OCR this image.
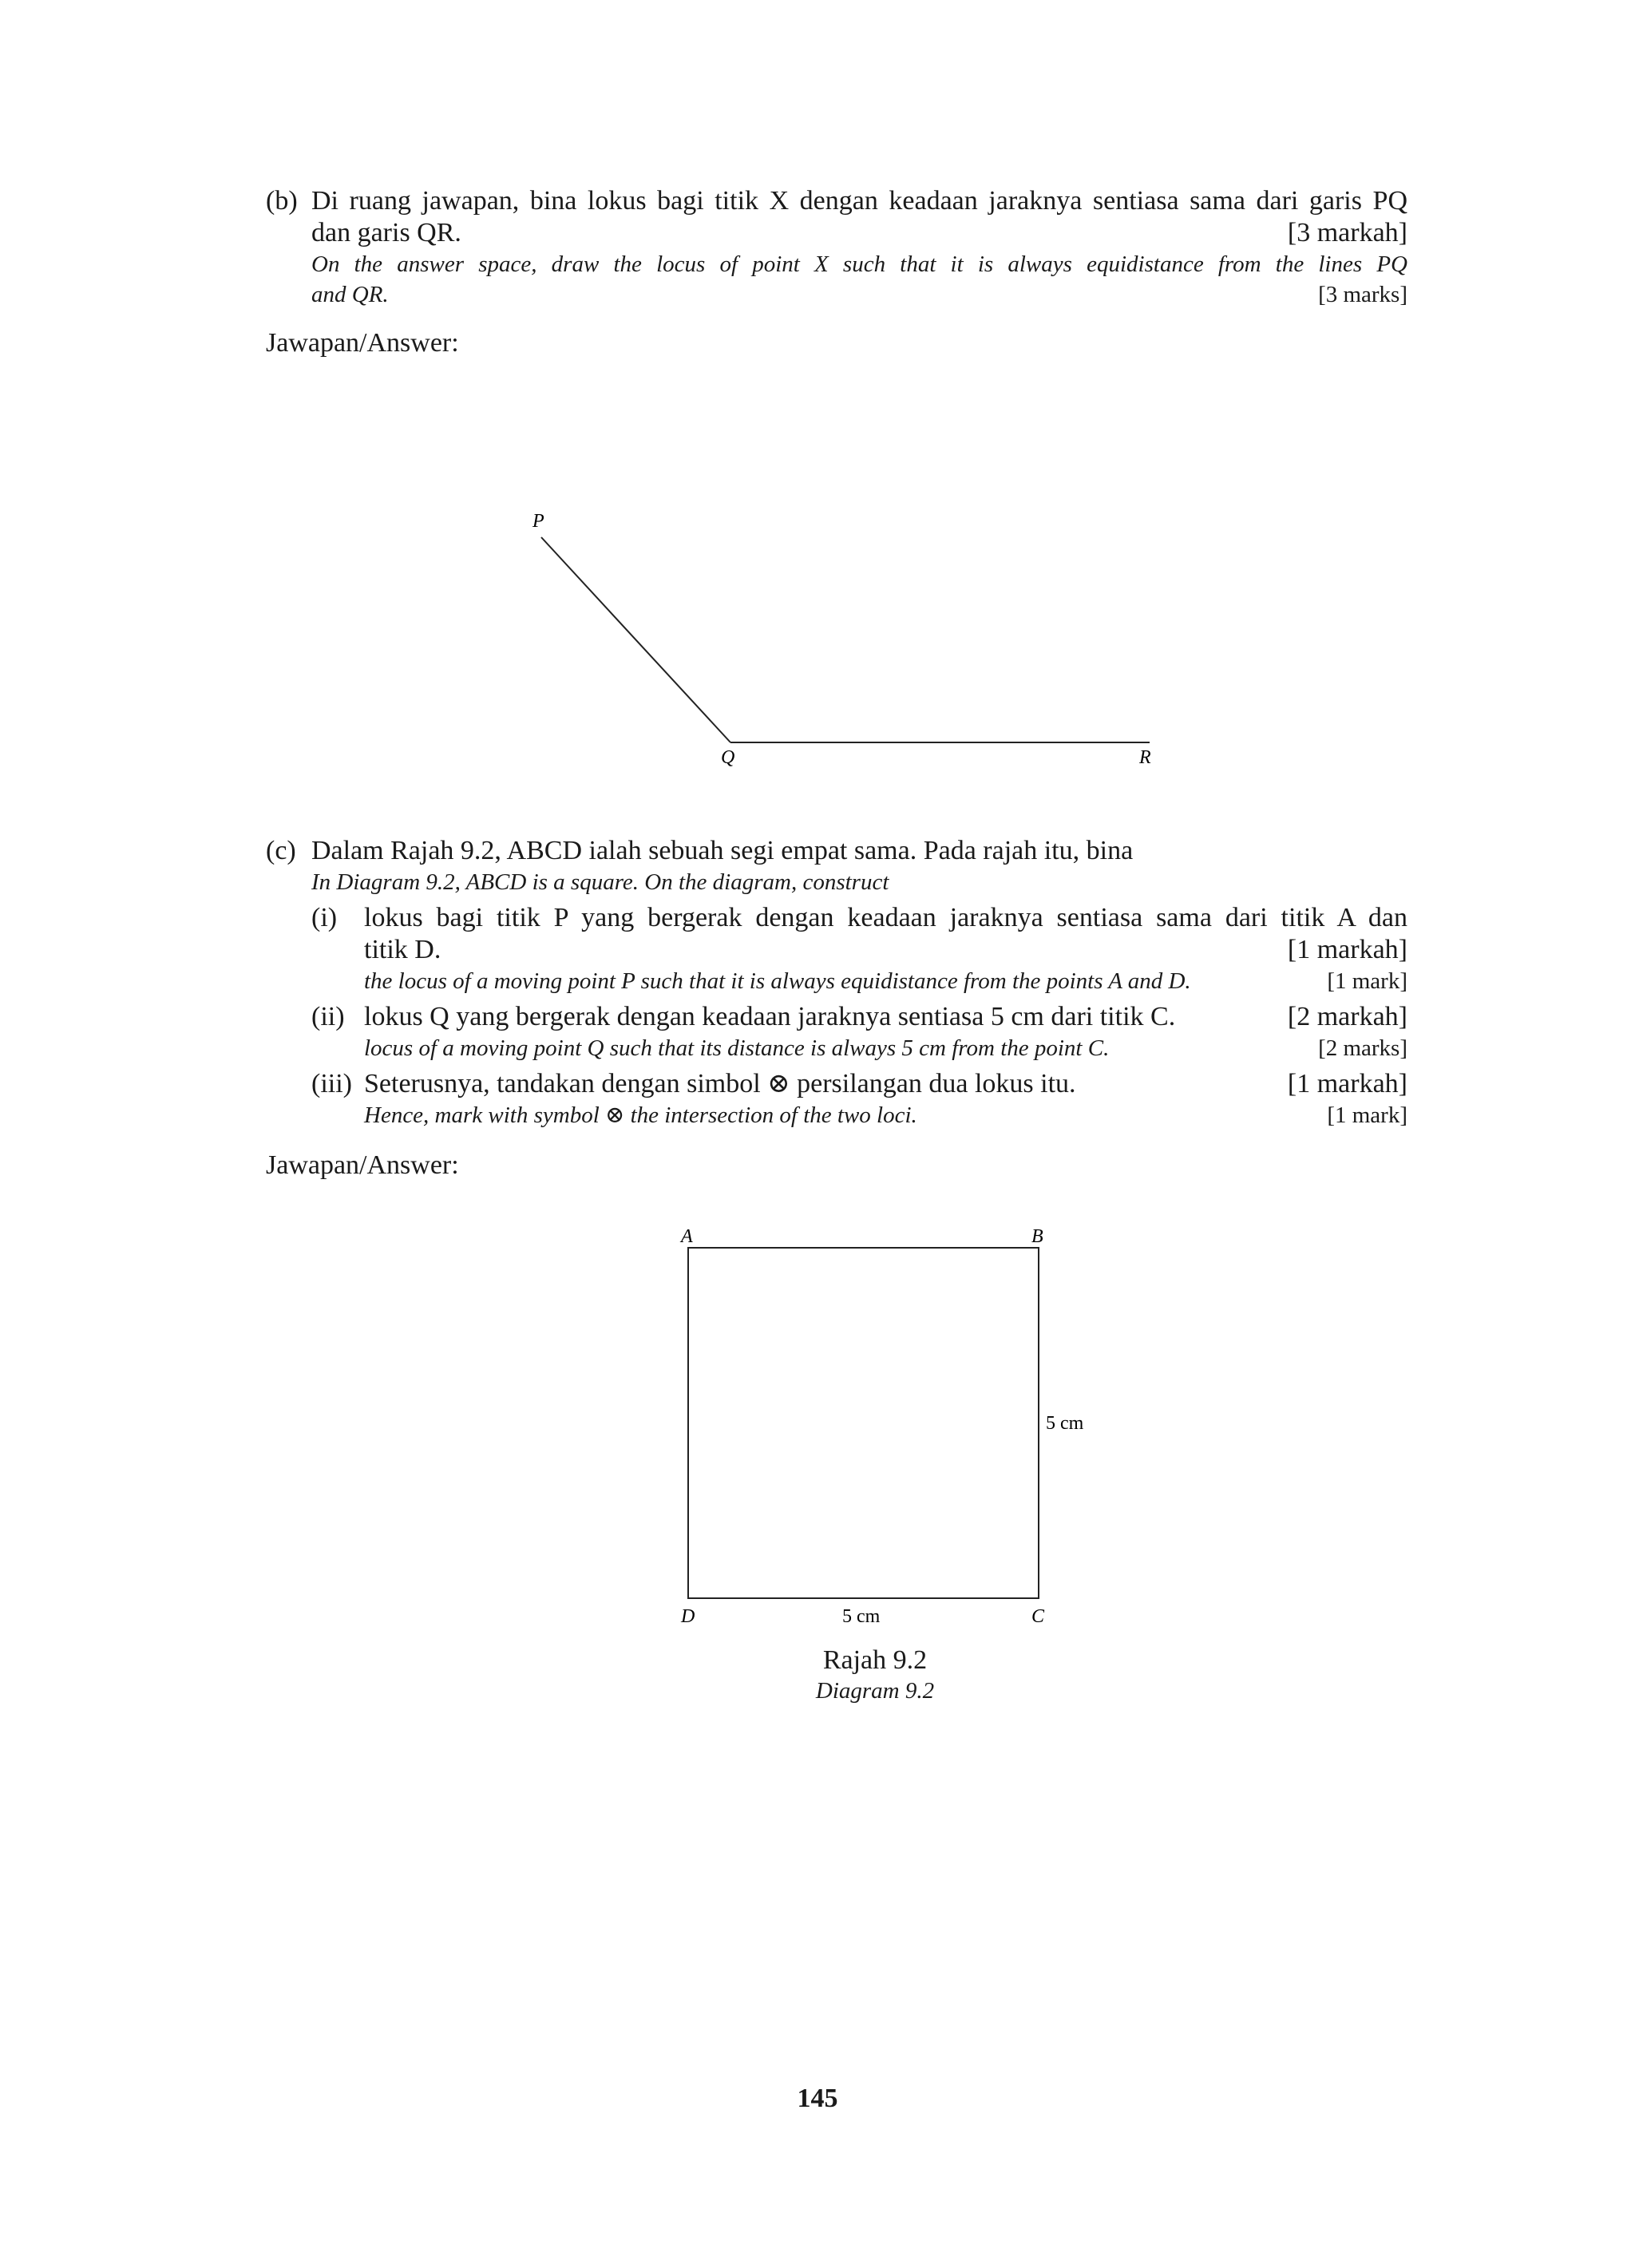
(b) Di ruang jawapan, bina lokus bagi titik X dengan keadaan jaraknya sentiasa sama dari garis PQ
dan garis QR.	[3 markah]
On the answer space, draw the locus of point X such that it is always equidistance from the lines PQ
and QR.	[3 marks]
Jawapan/Answer:
P
Q	R
A	B
D	C
5 cm
5 cm
(c) Dalam Rajah 9.2, ABCD ialah sebuah segi empat sama. Pada rajah itu, bina
In Diagram 9.2, ABCD is a square. On the diagram, construct
(i) lokus bagi titik P yang bergerak dengan keadaan jaraknya sentiasa sama dari titik A dan
titik D.	[1 markah]
the locus of a moving point P such that it is always equidistance from the points A and D.	[1 mark]
(ii) lokus Q yang bergerak dengan keadaan jaraknya sentiasa 5 cm dari titik C.	[2 markah]
locus of a moving point Q such that its distance is always 5 cm from the point C.	[2 marks]
(iii) Seterusnya, tandakan dengan simbol ⊗ persilangan dua lokus itu.	[1 markah]
Hence, mark with symbol ⊗ the intersection of the two loci.	[1 mark]
Jawapan/Answer:
Rajah 9.2
Diagram 9.2
145
